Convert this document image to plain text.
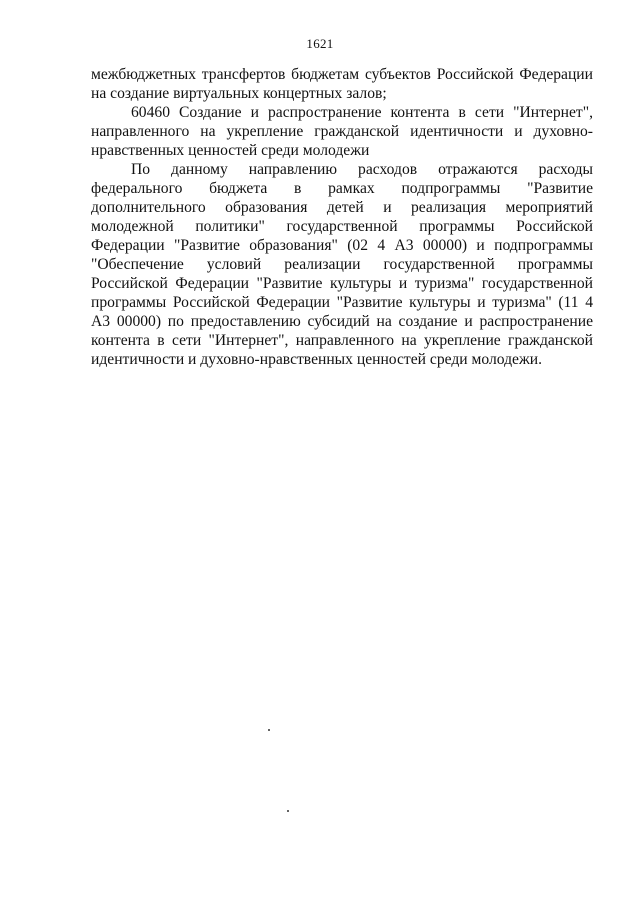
1621

межбюджетных трансфертов бюджетам субъектов Российской Федерации на создание виртуальных концертных залов;

60460 Создание и распространение контента в сети "Интернет", направленного на укрепление гражданской идентичности и духовно-нравственных ценностей среди молодежи

По данному направлению расходов отражаются расходы федерального бюджета в рамках подпрограммы "Развитие дополнительного образования детей и реализация мероприятий молодежной политики" государственной программы Российской Федерации "Развитие образования" (02 4 А3 00000) и подпрограммы "Обеспечение условий реализации государственной программы Российской Федерации "Развитие культуры и туризма" государственной программы Российской Федерации "Развитие культуры и туризма" (11 4 А3 00000) по предоставлению субсидий на создание и распространение контента в сети "Интернет", направленного на укрепление гражданской идентичности и духовно-нравственных ценностей среди молодежи.
